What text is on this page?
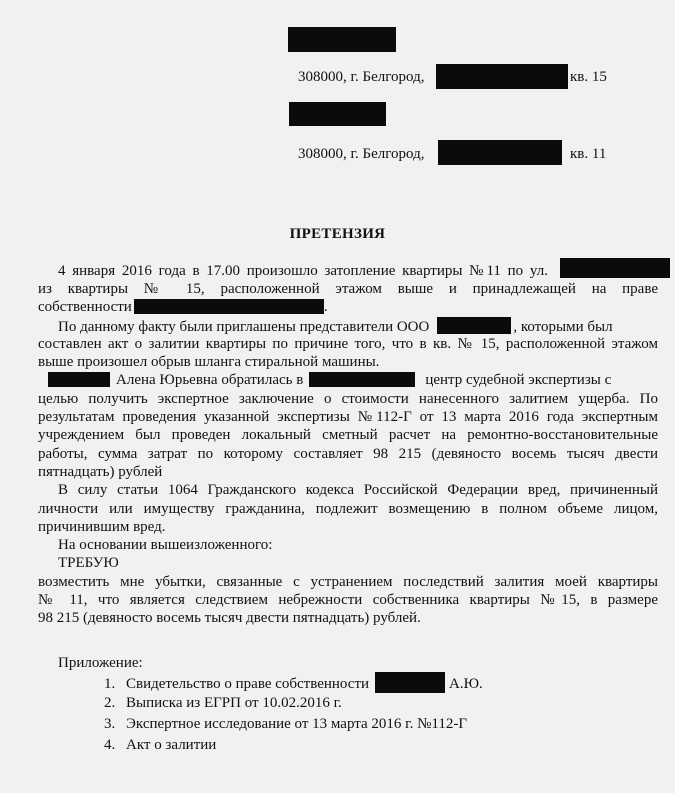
308000, г. Белгород,	кв. 15
308000, г. Белгород,	кв. 11
ПРЕТЕНЗИЯ
4 января 2016 года в 17.00 произошло затопление квартиры №11 по ул.
из квартиры № 15, расположенной этажом выше и принадлежащей на праве
собственности	.
По данному факту были приглашены представители ООО	, которыми был
составлен акт о залитии квартиры по причине того, что в кв. № 15, расположенной этажом
выше произошел обрыв шланга стиральной машины.
Алена Юрьевна обратилась в	центр судебной экспертизы с
целью получить экспертное заключение о стоимости нанесенного залитием ущерба. По
результатам проведения указанной экспертизы №112-Г от 13 марта 2016 года экспертным
учреждением был проведен локальный сметный расчет на ремонтно-восстановительные
работы, сумма затрат по которому составляет 98 215 (девяносто восемь тысяч двести
пятнадцать) рублей
В силу статьи 1064 Гражданского кодекса Российской Федерации вред, причиненный
личности или имуществу гражданина, подлежит возмещению в полном объеме лицом,
причинившим вред.
На основании вышеизложенного:
ТРЕБУЮ
возместить мне убытки, связанные с устранением последствий залития моей квартиры
№ 11, что является следствием небрежности собственника квартиры №15, в размере
98 215 (девяносто восемь тысяч двести пятнадцать) рублей.
Приложение:
1. Свидетельство о праве собственности	А.Ю.
2. Выписка из ЕГРП от 10.02.2016 г.
3. Экспертное исследование от 13 марта 2016 г. №112-Г
4. Акт о залитии
